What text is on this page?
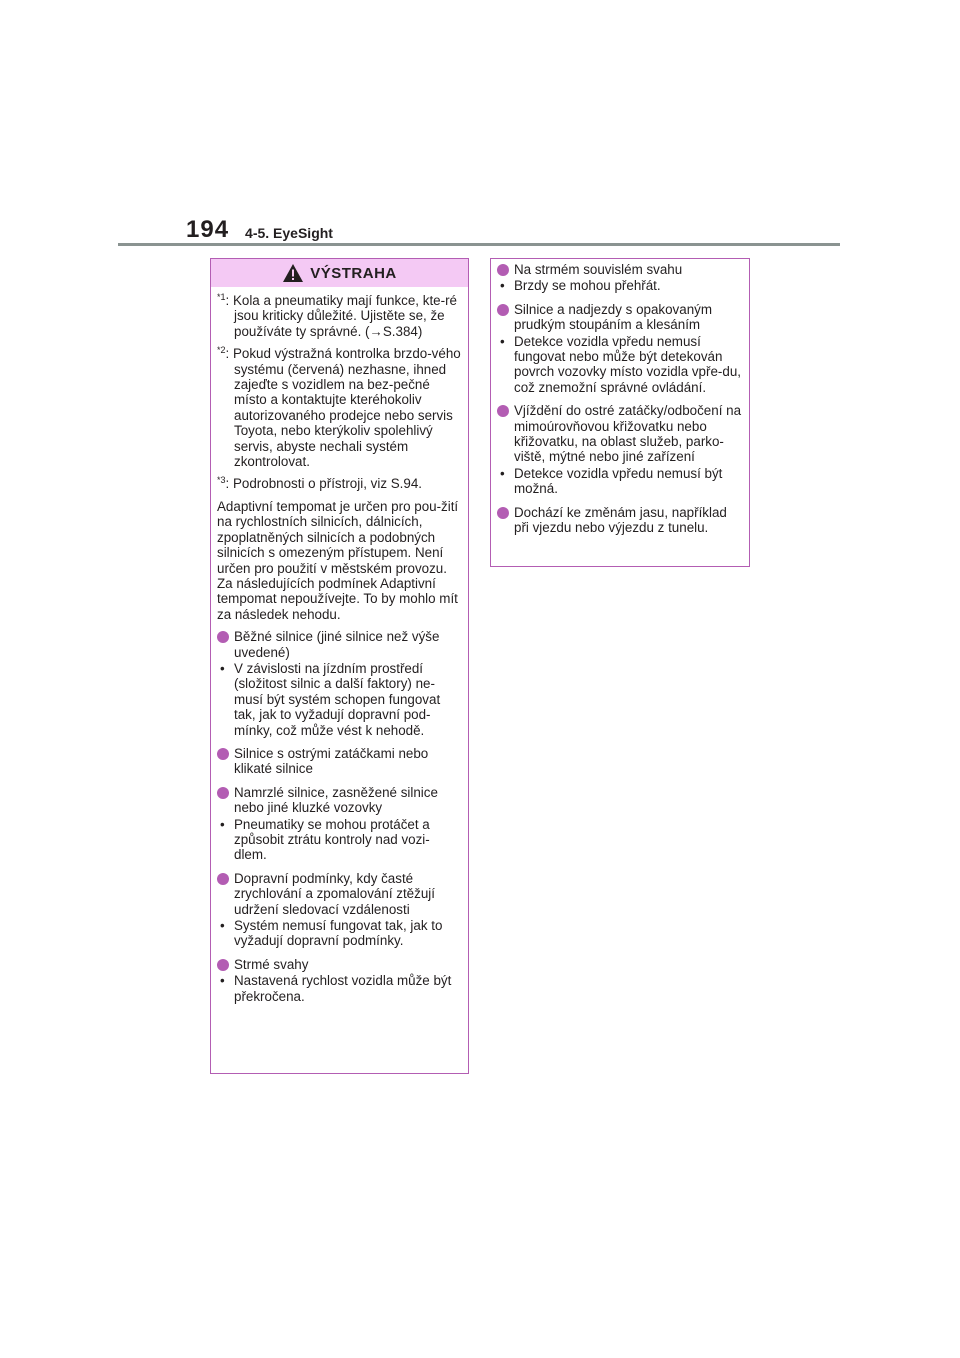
194 4-5. EyeSight
VÝSTRAHA
$^{*1}$: Kola a pneumatiky mají funkce, kte-ré jsou kriticky důležité. Ujistěte se, že používáte ty správné. (→S.384)
$^{*2}$: Pokud výstražná kontrolka brzdo-vého systému (červená) nezhasne, ihned zajeďte s vozidlem na bez-pečné místo a kontaktujte kteréhokoliv autorizovaného prodejce nebo servis Toyota, nebo kterýkoliv spolehlivý servis, abyste nechali systém zkontrolovat.
$^{*3}$: Podrobnosti o přístroji, viz S.94.
Adaptivní tempomat je určen pro pou-žití na rychlostních silnicích, dálnicích, zpoplatněných silnicích a podobných silnicích s omezeným přístupem. Není určen pro použití v městském provozu. Za následujících podmínek Adaptivní tempomat nepoužívejte. To by mohlo mít za následek nehodu.
Běžné silnice (jiné silnice než výše uvedené)
• V závislosti na jízdním prostředí (složitost silnic a další faktory) ne-musí být systém schopen fungovat tak, jak to vyžadují dopravní pod-mínky, což může vést k nehodě.
Silnice s ostrými zatáčkami nebo klikaté silnice
Namrzlé silnice, zasněžené silnice nebo jiné kluzké vozovky
• Pneumatiky se mohou protáčet a způsobit ztrátu kontroly nad vozi-dlem.
Dopravní podmínky, kdy časté zrychlování a zpomalování ztěžují udržení sledovací vzdálenosti
• Systém nemusí fungovat tak, jak to vyžadují dopravní podmínky.
Strmé svahy
• Nastavená rychlost vozidla může být překročena.
Na strmém souvislém svahu
• Brzdy se mohou přehřát.
Silnice a nadjezdy s opakovaným prudkým stoupáním a klesáním
• Detekce vozidla vpředu nemusí fungovat nebo může být detekován povrch vozovky místo vozidla vpře-du, což znemožní správné ovládání.
Vjíždění do ostré zatáčky/odbočení na mimoúrovňovou křižovatku nebo křižovatku, na oblast služeb, parko-viště, mýtné nebo jiné zařízení
• Detekce vozidla vpředu nemusí být možná.
Dochází ke změnám jasu, například při vjezdu nebo výjezdu z tunelu.
